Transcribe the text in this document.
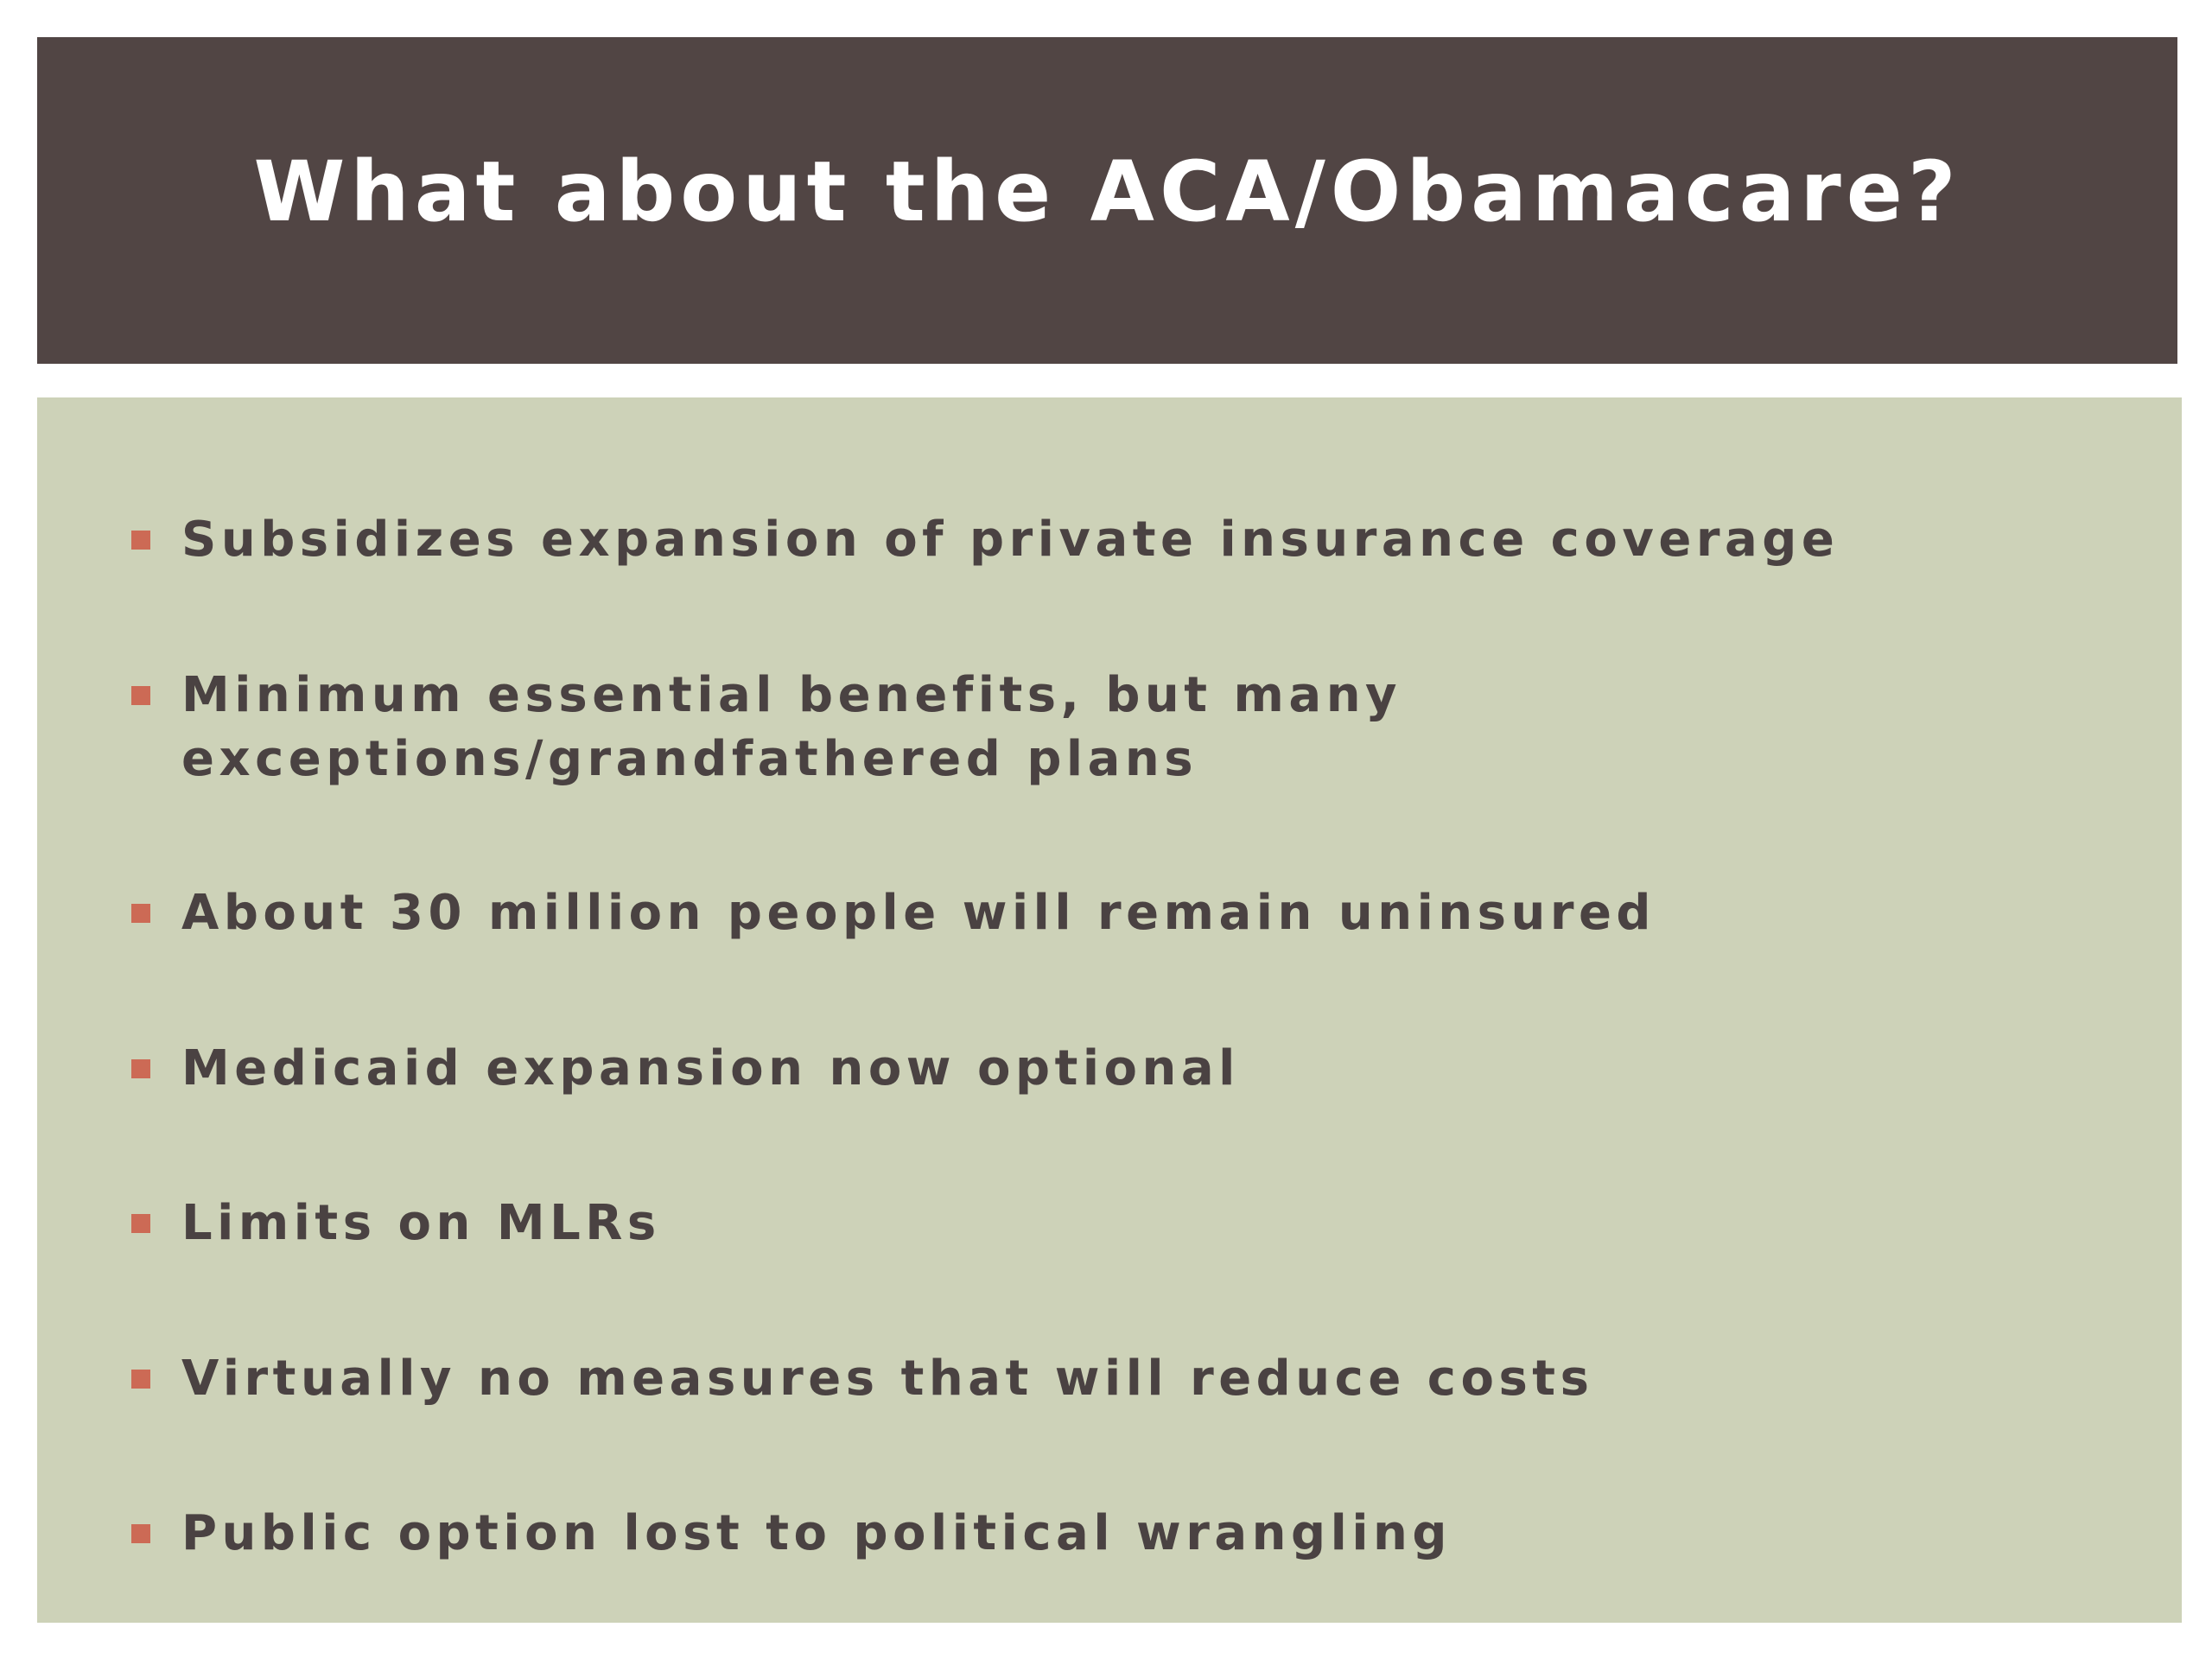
What about the ACA/Obamacare?

Subsidizes expansion of private insurance coverage

Minimum essential benefits, but many exceptions/grandfathered plans

About 30 million people will remain uninsured

Medicaid expansion now optional

Limits on MLRs

Virtually no measures that will reduce costs

Public option lost to political wrangling
